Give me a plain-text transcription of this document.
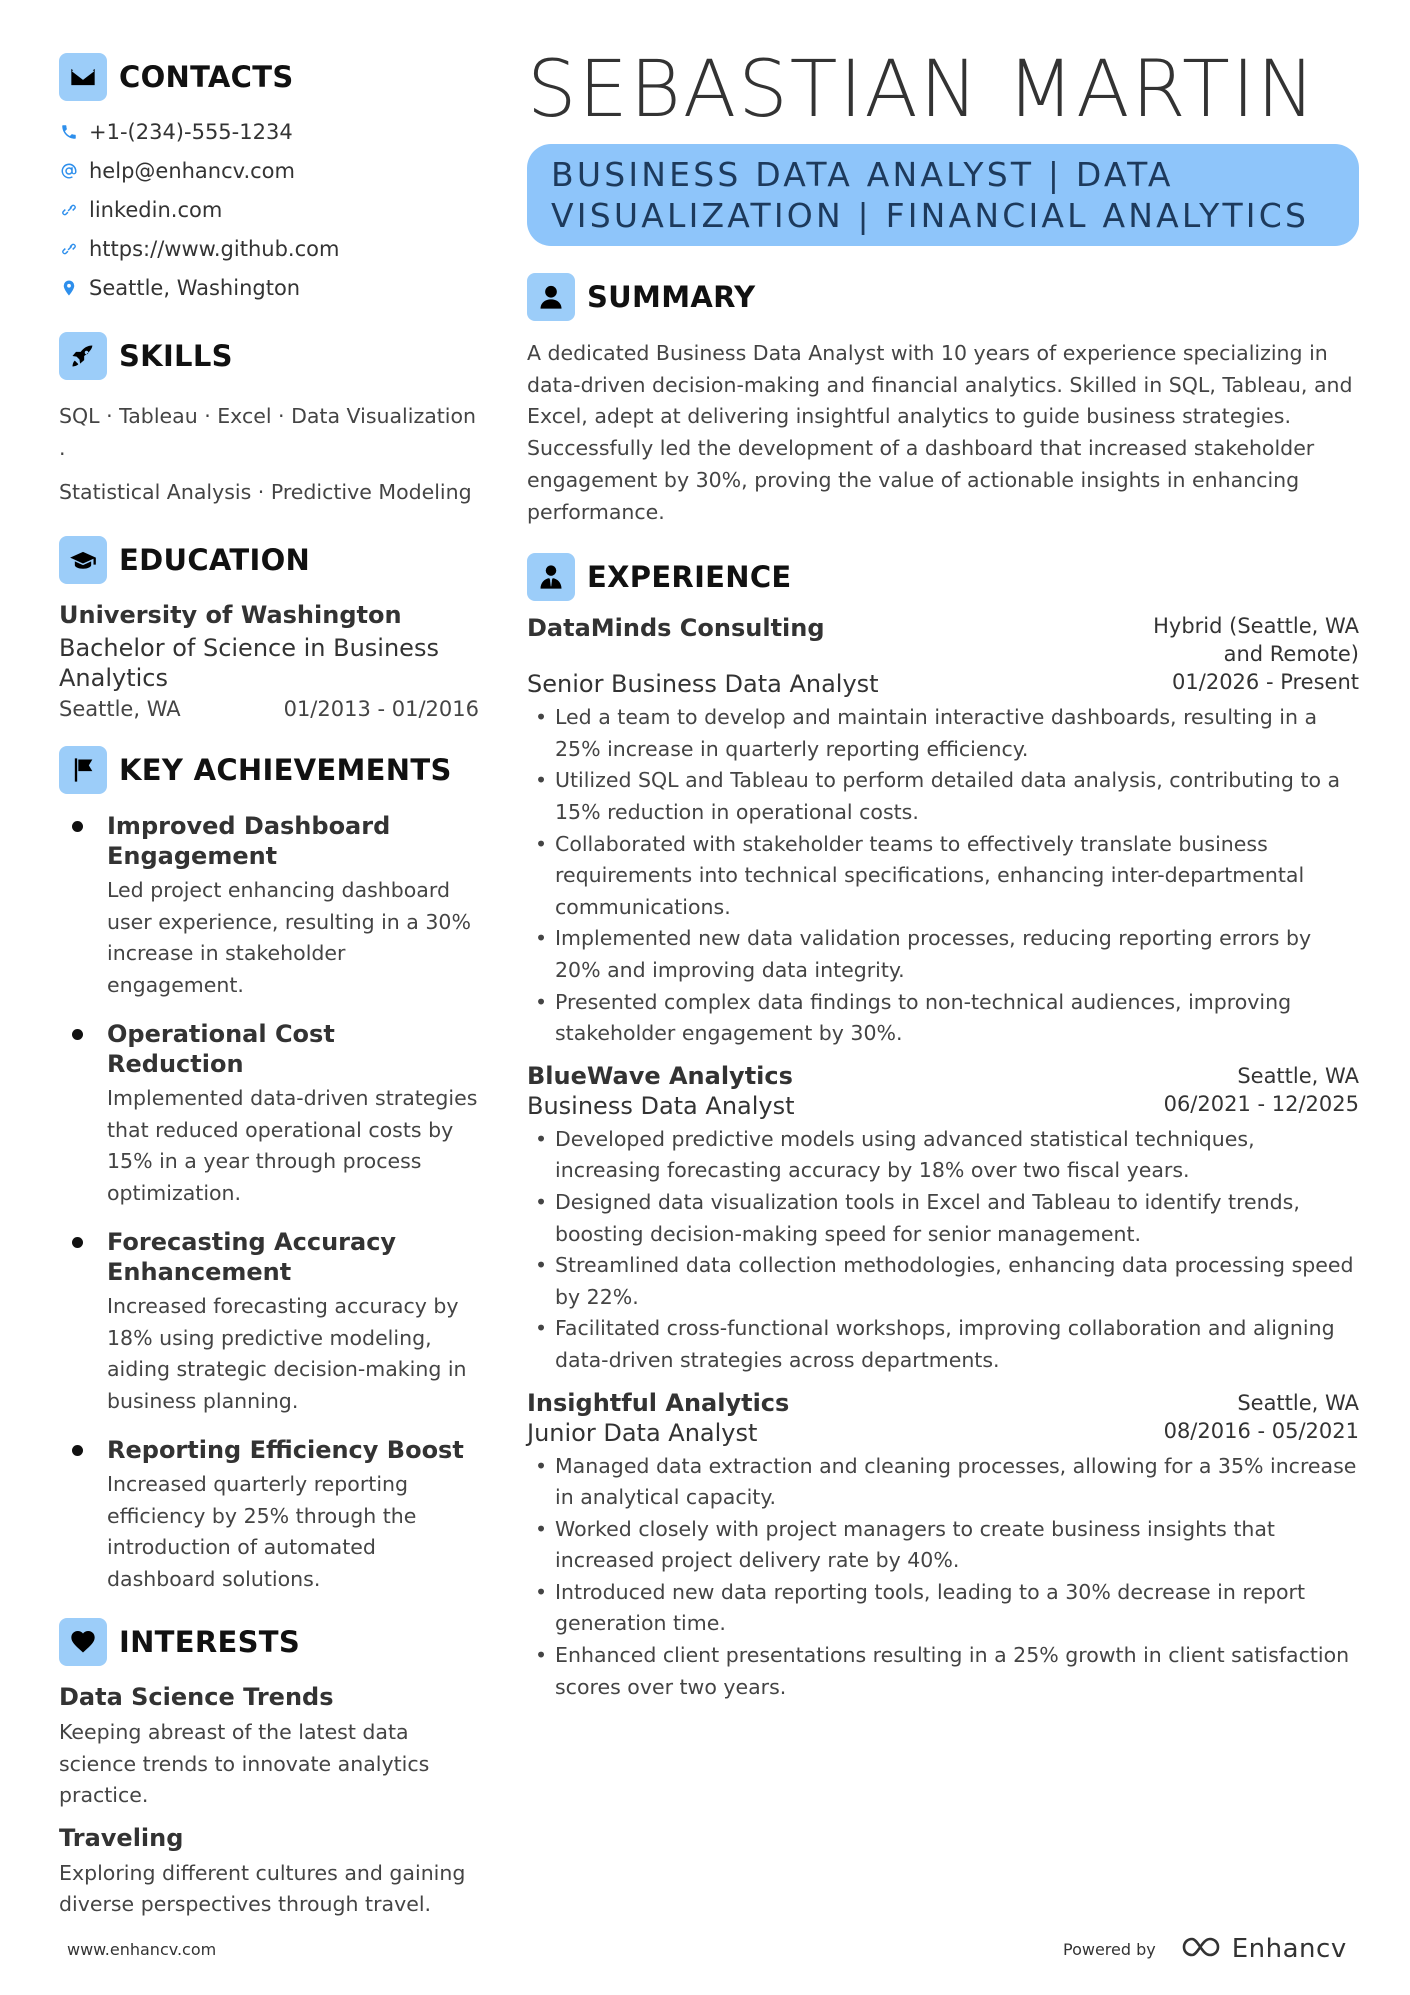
CONTACTS
+1-(234)-555-1234
help@enhancv.com
linkedin.com
https://www.github.com
Seattle, Washington
SKILLS
SQL · Tableau · Excel · Data Visualization ·
Statistical Analysis · Predictive Modeling
EDUCATION
University of Washington
Bachelor of Science in Business Analytics
Seattle, WA	01/2013 - 01/2016
KEY ACHIEVEMENTS
Improved Dashboard Engagement
Led project enhancing dashboard user experience, resulting in a 30% increase in stakeholder engagement.
Operational Cost Reduction
Implemented data-driven strategies that reduced operational costs by 15% in a year through process optimization.
Forecasting Accuracy Enhancement
Increased forecasting accuracy by 18% using predictive modeling, aiding strategic decision-making in business planning.
Reporting Efficiency Boost
Increased quarterly reporting efficiency by 25% through the introduction of automated dashboard solutions.
INTERESTS
Data Science Trends
Keeping abreast of the latest data science trends to innovate analytics practice.
Traveling
Exploring different cultures and gaining diverse perspectives through travel.
SEBASTIAN MARTIN
BUSINESS DATA ANALYST | DATA VISUALIZATION | FINANCIAL ANALYTICS
SUMMARY
A dedicated Business Data Analyst with 10 years of experience specializing in data-driven decision-making and financial analytics. Skilled in SQL, Tableau, and Excel, adept at delivering insightful analytics to guide business strategies. Successfully led the development of a dashboard that increased stakeholder engagement by 30%, proving the value of actionable insights in enhancing performance.
EXPERIENCE
DataMinds Consulting	Hybrid (Seattle, WA and Remote)
Senior Business Data Analyst	01/2026 - Present
• Led a team to develop and maintain interactive dashboards, resulting in a 25% increase in quarterly reporting efficiency.
• Utilized SQL and Tableau to perform detailed data analysis, contributing to a 15% reduction in operational costs.
• Collaborated with stakeholder teams to effectively translate business requirements into technical specifications, enhancing inter-departmental communications.
• Implemented new data validation processes, reducing reporting errors by 20% and improving data integrity.
• Presented complex data findings to non-technical audiences, improving stakeholder engagement by 30%.
BlueWave Analytics	Seattle, WA
Business Data Analyst	06/2021 - 12/2025
• Developed predictive models using advanced statistical techniques, increasing forecasting accuracy by 18% over two fiscal years.
• Designed data visualization tools in Excel and Tableau to identify trends, boosting decision-making speed for senior management.
• Streamlined data collection methodologies, enhancing data processing speed by 22%.
• Facilitated cross-functional workshops, improving collaboration and aligning data-driven strategies across departments.
Insightful Analytics	Seattle, WA
Junior Data Analyst	08/2016 - 05/2021
• Managed data extraction and cleaning processes, allowing for a 35% increase in analytical capacity.
• Worked closely with project managers to create business insights that increased project delivery rate by 40%.
• Introduced new data reporting tools, leading to a 30% decrease in report generation time.
• Enhanced client presentations resulting in a 25% growth in client satisfaction scores over two years.
www.enhancv.com	Powered by	Enhancv
